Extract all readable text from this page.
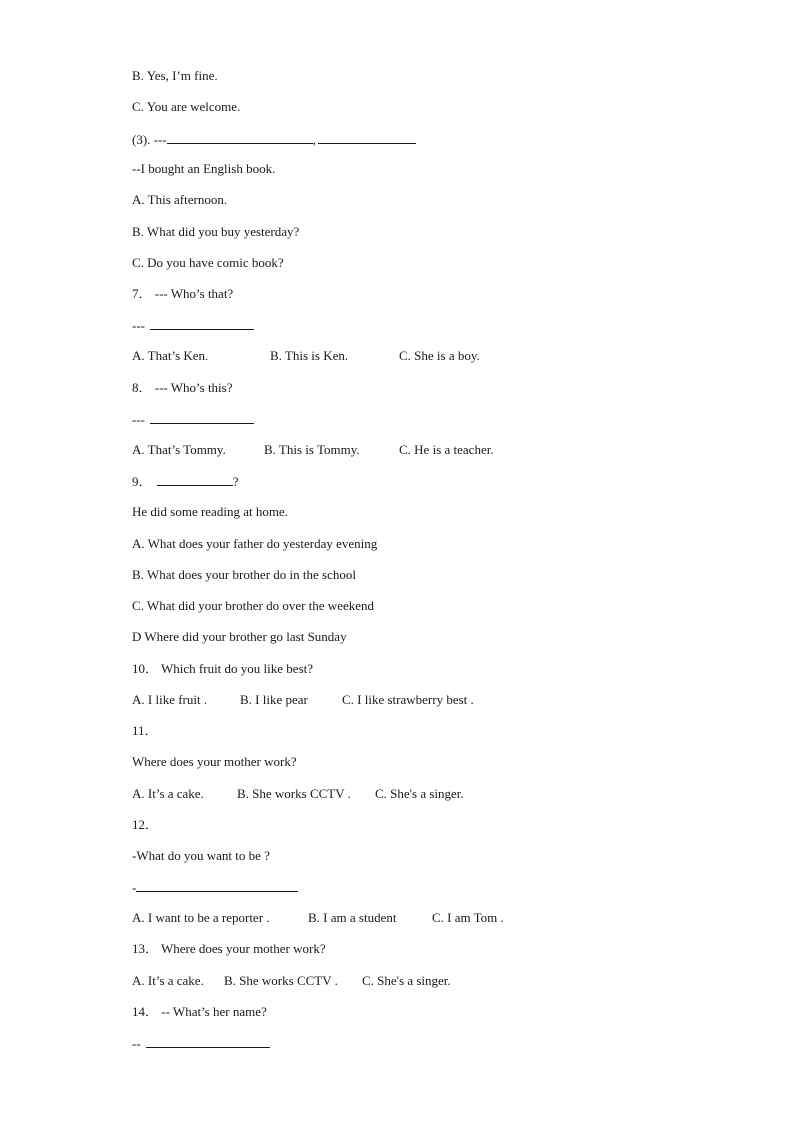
B. Yes, I’m fine.
C. You are welcome.
(3). ---	,
--I bought an English book.
A. This afternoon.
B. What did you buy yesterday?
C. Do you have comic book?
7． --- Who’s that?
---
A. That’s Ken.	B. This is Ken.	C. She is a boy.
8． --- Who’s this?
---
A. That’s Tommy.	B. This is Tommy.	C. He is a teacher.
9．	?
He did some reading at home.
A. What does your father do yesterday evening
B. What does your brother do in the school
C. What did your brother do over the weekend
D Where did your brother go last Sunday
10． Which fruit do you like best?
A. I like fruit .	B. I like pear	C. I like strawberry best .
11．
Where does your mother work?
A. It’s a cake.	B. She works CCTV . C. She's a singer.
12．
-What do you want to be ?
-
A. I want to be a reporter .	B. I am a student	C. I am Tom .
13． Where does your mother work?
A. It’s a cake. B. She works CCTV . C. She's a singer.
14． -- What’s her name?
--
